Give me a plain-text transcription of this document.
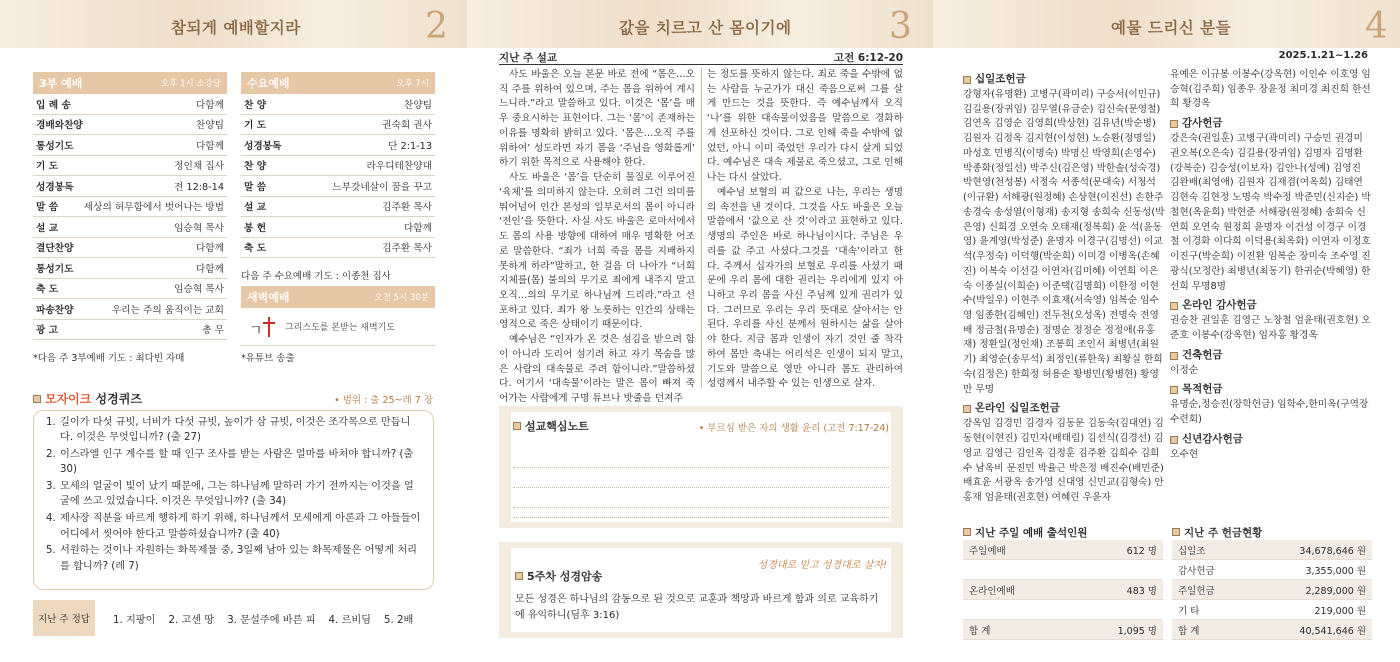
참되게 예배할지라	2
3부 예배	오후 1시 소강당
입 례 송	다함께
경배와찬양	찬양팀
통성기도	다함께
기 도	정인채 집사
성경봉독	전 12:8-14
말 씀	세상의 허무함에서 벗어나는 방법
설 교	임승혁 목사
결단찬양	다함께
통성기도	다함께
축 도	임승혁 목사
파송찬양	우리는 주의 움직이는 교회
광 고	총 무
*다음 주 3부예배 기도 : 최다빈 자매
수요예배	오후 7시
찬 양	찬양팀
기 도	권숙희 권사
성경봉독	단 2:1-13
찬 양	라우디테찬양대
말 씀	느부갓네살이 꿈을 꾸고
설 교	김주환 목사
봉 헌	다함께
축 도	김주환 목사
다음 주 수요예배 기도 : 이종천 집사
새벽예배	오전 5시 30분
ㄱ 그리스도를 본받는 새벽기도
*유튜브 송출
모자이크 성경퀴즈	• 범위 : 출 25~레 7 장
1. 길이가 다섯 규빗, 너비가 다섯 규빗, 높이가 삼 규빗, 이것은 조각목으로 만듭니다. 이것은 무엇입니까? (출 27)
2. 이스라엘 인구 계수를 할 때 인구 조사를 받는 사람은 얼마를 바쳐야 합니까? (출 30)
3. 모세의 얼굴이 빛이 났기 때문에, 그는 하나님께 말하러 가기 전까지는 이것을 얼굴에 쓰고 있었습니다. 이것은 무엇입니까? (출 34)
4. 제사장 직분을 바르게 행하게 하기 위해, 하나님께서 모세에게 아론과 그 아들들이 어디에서 씻어야 한다고 말씀하셨습니까? (출 40)
5. 서원하는 것이나 자원하는 화목제물 중, 3일째 남아 있는 화목제물은 어떻게 처리를 합니까? (레 7)
지난 주 정답	1. 지팡이 2. 고센 땅 3. 문설주에 바른 피 4. 르비딤 5. 2배
값을 치르고 산 몸이기에	3
지난 주 설교	고전 6:12-20

사도 바울은 오늘 본문 바로 전에 “몸은…오직 주를 위하여 있으며, 주는 몸을 위하여 계시느니라.”라고 말씀하고 있다. 이것은 ‘몸’을 매우 중요시하는 표현이다. 그는 ‘몸’이 존재하는 이유를 명확히 밝히고 있다. ‘몸은…오직 주를 위하여’ 성도라면 자기 몸을 ‘주님을 영화롭게’ 하기 위한 목적으로 사용해야 한다.

사도 바울은 ‘몸’을 단순히 물질로 이루어진 ‘육체’를 의미하지 않는다. 오히려 그런 의미를 뛰어넘어 인간 본성의 일부로서의 몸이 아니라 ‘전인’을 뜻한다. 사실 사도 바울은 로마서에서도 몸의 사용 방향에 대하여 매우 명확한 어조로 말씀한다. “죄가 너희 죽을 몸을 지배하지 못하게 하라”말하고, 한 걸음 더 나아가 “너희 지체를(몸) 불의의 무기로 죄에게 내주지 말고 오직…의의 무기로 하나님께 드리라.”라고 선포하고 있다. 죄가 왕 노릇하는 인간의 상태는 영적으로 죽은 상태이기 때문이다.

예수님은 “인자가 온 것은 섬김을 받으려 함이 아니라 도리어 섬기려 하고 자기 목숨을 많은 사람의 대속물로 주려 함이니라.”말씀하셨다. 여기서 ‘대속물’이라는 말은 몸이 빠져 죽어가는 사람에게 구명 튜브나 밧줄을 던져주

는 정도를 뜻하지 않는다. 죄로 죽을 수밖에 없는 사람을 누군가가 대신 죽음으로써 그를 살게 만드는 것을 뜻한다. 즉 예수님께서 오직 ‘나’를 위한 대속물이었음을 말씀으로 경화하게 선포하신 것이다. 그로 인해 죽을 수밖에 없었던, 아니 이미 죽었던 우리가 다시 살게 되었다. 예수님은 대속 제물로 죽으셨고, 그로 인해 나는 다시 살았다.

예수님 보혈의 피 값으로 나는, 우리는 생명의 속전을 낸 것이다. 그것을 사도 바울은 오늘 말씀에서 ‘값으로 산 것’이라고 표현하고 있다. 생명의 주인은 바로 하나님이시다. 주님은 우리를 값 주고 사셨다.그것을 ‘대속’이라고 한다. 주께서 십자가의 보혈로 우리를 사셨기 때문에 우리 몸에 대한 권리는 우리에게 있지 아니하고 우리 몸을 사신 주님께 있게 권리가 있다. 그러므로 우리는 우리 뜻대로 살아서는 안 된다. 우리를 사신 분께서 원하시는 삶을 살아야 한다. 지금 몸과 인생이 자기 것인 줄 착각하여 몸만 축내는 어리석은 인생이 되지 말고, 기도와 말씀으로 영만 아니라 몸도 관리하여 성령께서 내주할 수 있는 인생으로 살자.

설교핵심노트	• 부르심 받은 자의 생활 윤리 (고전 7:17-24)
5주차 성경암송
성경대로 믿고 성경대로 살자!
모든 성경은 하나님의 감동으로 된 것으로 교훈과 책망과 바르게 함과 의로 교육하기에 유익하니(딤후 3:16)
예물 드리신 분들	4
2025.1.21~1.26
십일조헌금
강형자(유명환) 고병구(곽미리) 구승서(이민규) 김길용(장귀임) 김무열(유금순) 김신숙(문영철) 김연옥 김영순 김영희(박상현) 김유년(박순병) 김원자 김정옥 김지현(이성현) 노승환(정명일) 마성호 민병직(이명숙) 박명신 박영희(손영수) 박종화(정일선) 박주신(김은영) 박한솔(성숙경) 박현영(천성봉) 서정숙 서종석(문대숙) 서청석(이규환) 서해광(원정혜) 손상현(이진선) 손한주 송경숙 송성열(이형재) 송지형 송희숙 신동성(박은영) 신희경 오연숙 오태재(정복희) 윤 석(윤동영) 윤계영(박성준) 윤명자 이경구(김명선) 이교석(우정숙) 이덕행(박순희) 이미경 이병옥(손혜진) 이복숙 이선길 이연자(김미혜) 이연희 이은숙 이종실(이희순) 이준택(김명희) 이한정 이현수(박일우) 이현주 이효재(서숙영) 임복순 임수영 임종한(김혜인) 전두천(오성옥) 전명숙 전영배 정금철(유명순) 정명순 정정순 정정애(유홍재) 정환일(정인채) 조봉희 조인서 최병년(최원기) 최영순(송무석) 최정인(류한욱) 최황실 한희숙(김정은) 한희정 허용순 황병민(황병현) 황영만 무명
온라인 십일조헌금
강옥임 김경민 김경자 김동문 김동숙(김대연) 김동현(이현진) 김민자(배태림) 김선식(김경선) 김영교 김영근 김인옥 김정훈 김주환 김희수 김희수 남옥비 문진민 박율근 박은정 배진수(배민준) 배효윤 서광옥 송가영 신대영 신민교(김형숙) 안홍재 엄윤태(권호현) 여혜린 우윤자
유예은 이규봉 이봉수(강옥현) 이인수 이호영 임승혁(김주희) 임종우 장윤정 최미경 최진희 한선희 황경옥
감사헌금
강은숙(권일훈) 고병구(곽미리) 구승민 권경미 권오복(오은숙) 김길용(장귀임) 김명자 김명환(강복순) 김승성(이보자) 김안나(성예) 김영진 김완배(최영애) 김원자 김재겸(여옥희) 김태연 김현숙 김현정 노명숙 박수정 박준민(신지순) 박철현(옥윤희) 박현준 서해광(원정혜) 송희숙 신연희 오연숙 원정희 윤명자 이건성 이경구 이경철 이경화 이다희 이덕용(최옥화) 이연자 이정호 이진구(박순희) 이진환 임복순 장미숙 조수영 진광식(모정란) 최병년(최동기) 한귀순(박혜영) 한선희 무명8명
온라인 감사헌금
권승찬 권일훈 김영근 노창철 엄윤태(권호현) 오준호 이봉수(강옥현) 임자홍 황경옥
건축헌금
이정순
목적헌금
유명순,정승진(장학헌금) 임학수,한미옥(구역장 수련회)
신년감사헌금
오수현
지난 주일 예배 출석인원
주일예배	612 명
온라인예배	483 명
합 계	1,095 명
지난 주 헌금현황
십일조	34,678,646 원
감사헌금	3,355,000 원
주일헌금	2,289,000 원
기 타	219,000 원
합 계	40,541,646 원
